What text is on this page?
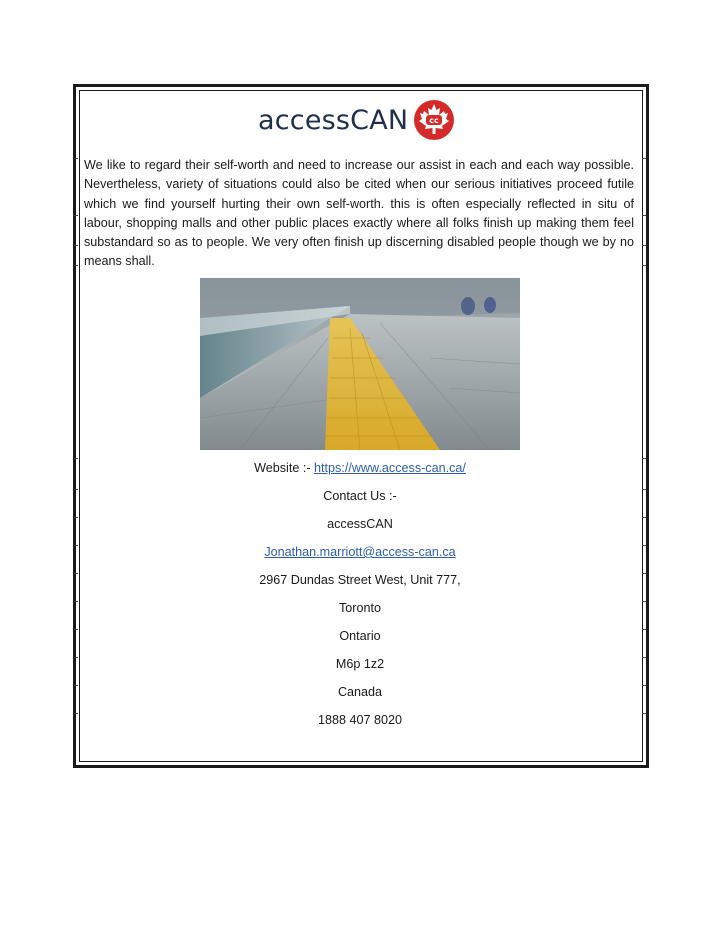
accessCAN	cc

We like to regard their self-worth and need to increase our assist in each and each way possible. Nevertheless, variety of situations could also be cited when our serious initiatives proceed futile which we find yourself hurting their own self-worth. this is often especially reflected in situ of labour, shopping malls and other public places exactly where all folks finish up making them feel substandard so as to people. We very often finish up discerning disabled people though we by no means shall.

Website :- https://www.access-can.ca/
Contact Us :-
accessCAN
Jonathan.marriott@access-can.ca
2967 Dundas Street West, Unit 777,
Toronto
Ontario
M6p 1z2
Canada
1888 407 8020
